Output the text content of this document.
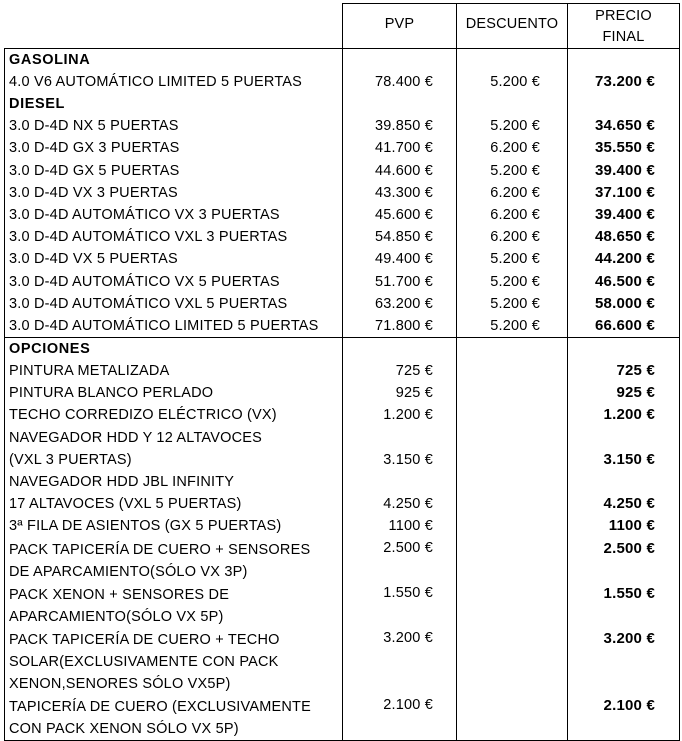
	PVP	DESCUENTO	PRECIO
FINAL

GASOLINA			
4.0 V6 AUTOMÁTICO LIMITED 5 PUERTAS	78.400 €	5.200 €	73.200 €
DIESEL			
3.0 D-4D NX 5 PUERTAS	39.850 €	5.200 €	34.650 €
3.0 D-4D GX 3 PUERTAS	41.700 €	6.200 €	35.550 €
3.0 D-4D GX 5 PUERTAS	44.600 €	5.200 €	39.400 €
3.0 D-4D VX 3 PUERTAS	43.300 €	6.200 €	37.100 €
3.0 D-4D AUTOMÁTICO VX 3 PUERTAS	45.600 €	6.200 €	39.400 €
3.0 D-4D AUTOMÁTICO VXL 3 PUERTAS	54.850 €	6.200 €	48.650 €
3.0 D-4D VX 5 PUERTAS	49.400 €	5.200 €	44.200 €
3.0 D-4D AUTOMÁTICO VX 5 PUERTAS	51.700 €	5.200 €	46.500 €
3.0 D-4D AUTOMÁTICO VXL 5 PUERTAS	63.200 €	5.200 €	58.000 €
3.0 D-4D AUTOMÁTICO LIMITED 5 PUERTAS	71.800 €	5.200 €	66.600 €
OPCIONES			

PINTURA METALIZADA	725 €		725 €

PINTURA BLANCO PERLADO	925 €		925 €

TECHO CORREDIZO ELÉCTRICO (VX)	1.200 €		1.200 €

NAVEGADOR HDD Y 12 ALTAVOCES			

(VXL 3 PUERTAS)	3.150 €		3.150 €

NAVEGADOR HDD JBL INFINITY			

17 ALTAVOCES (VXL 5 PUERTAS)	4.250 €		4.250 €

3ª FILA DE ASIENTOS (GX 5 PUERTAS)	1100 €		1100 €

PACK TAPICERÍA DE CUERO + SENSORES
DE APARCAMIENTO(SÓLO VX 3P)	2.500 €		2.500 €

PACK XENON + SENSORES DE
APARCAMIENTO(SÓLO VX 5P)	1.550 €		1.550 €

PACK TAPICERÍA DE CUERO + TECHO
SOLAR(EXCLUSIVAMENTE CON PACK
XENON,SENORES SÓLO VX5P)	3.200 €		3.200 €

TAPICERÍA DE CUERO (EXCLUSIVAMENTE
CON PACK XENON SÓLO VX 5P)	2.100 €		2.100 €
